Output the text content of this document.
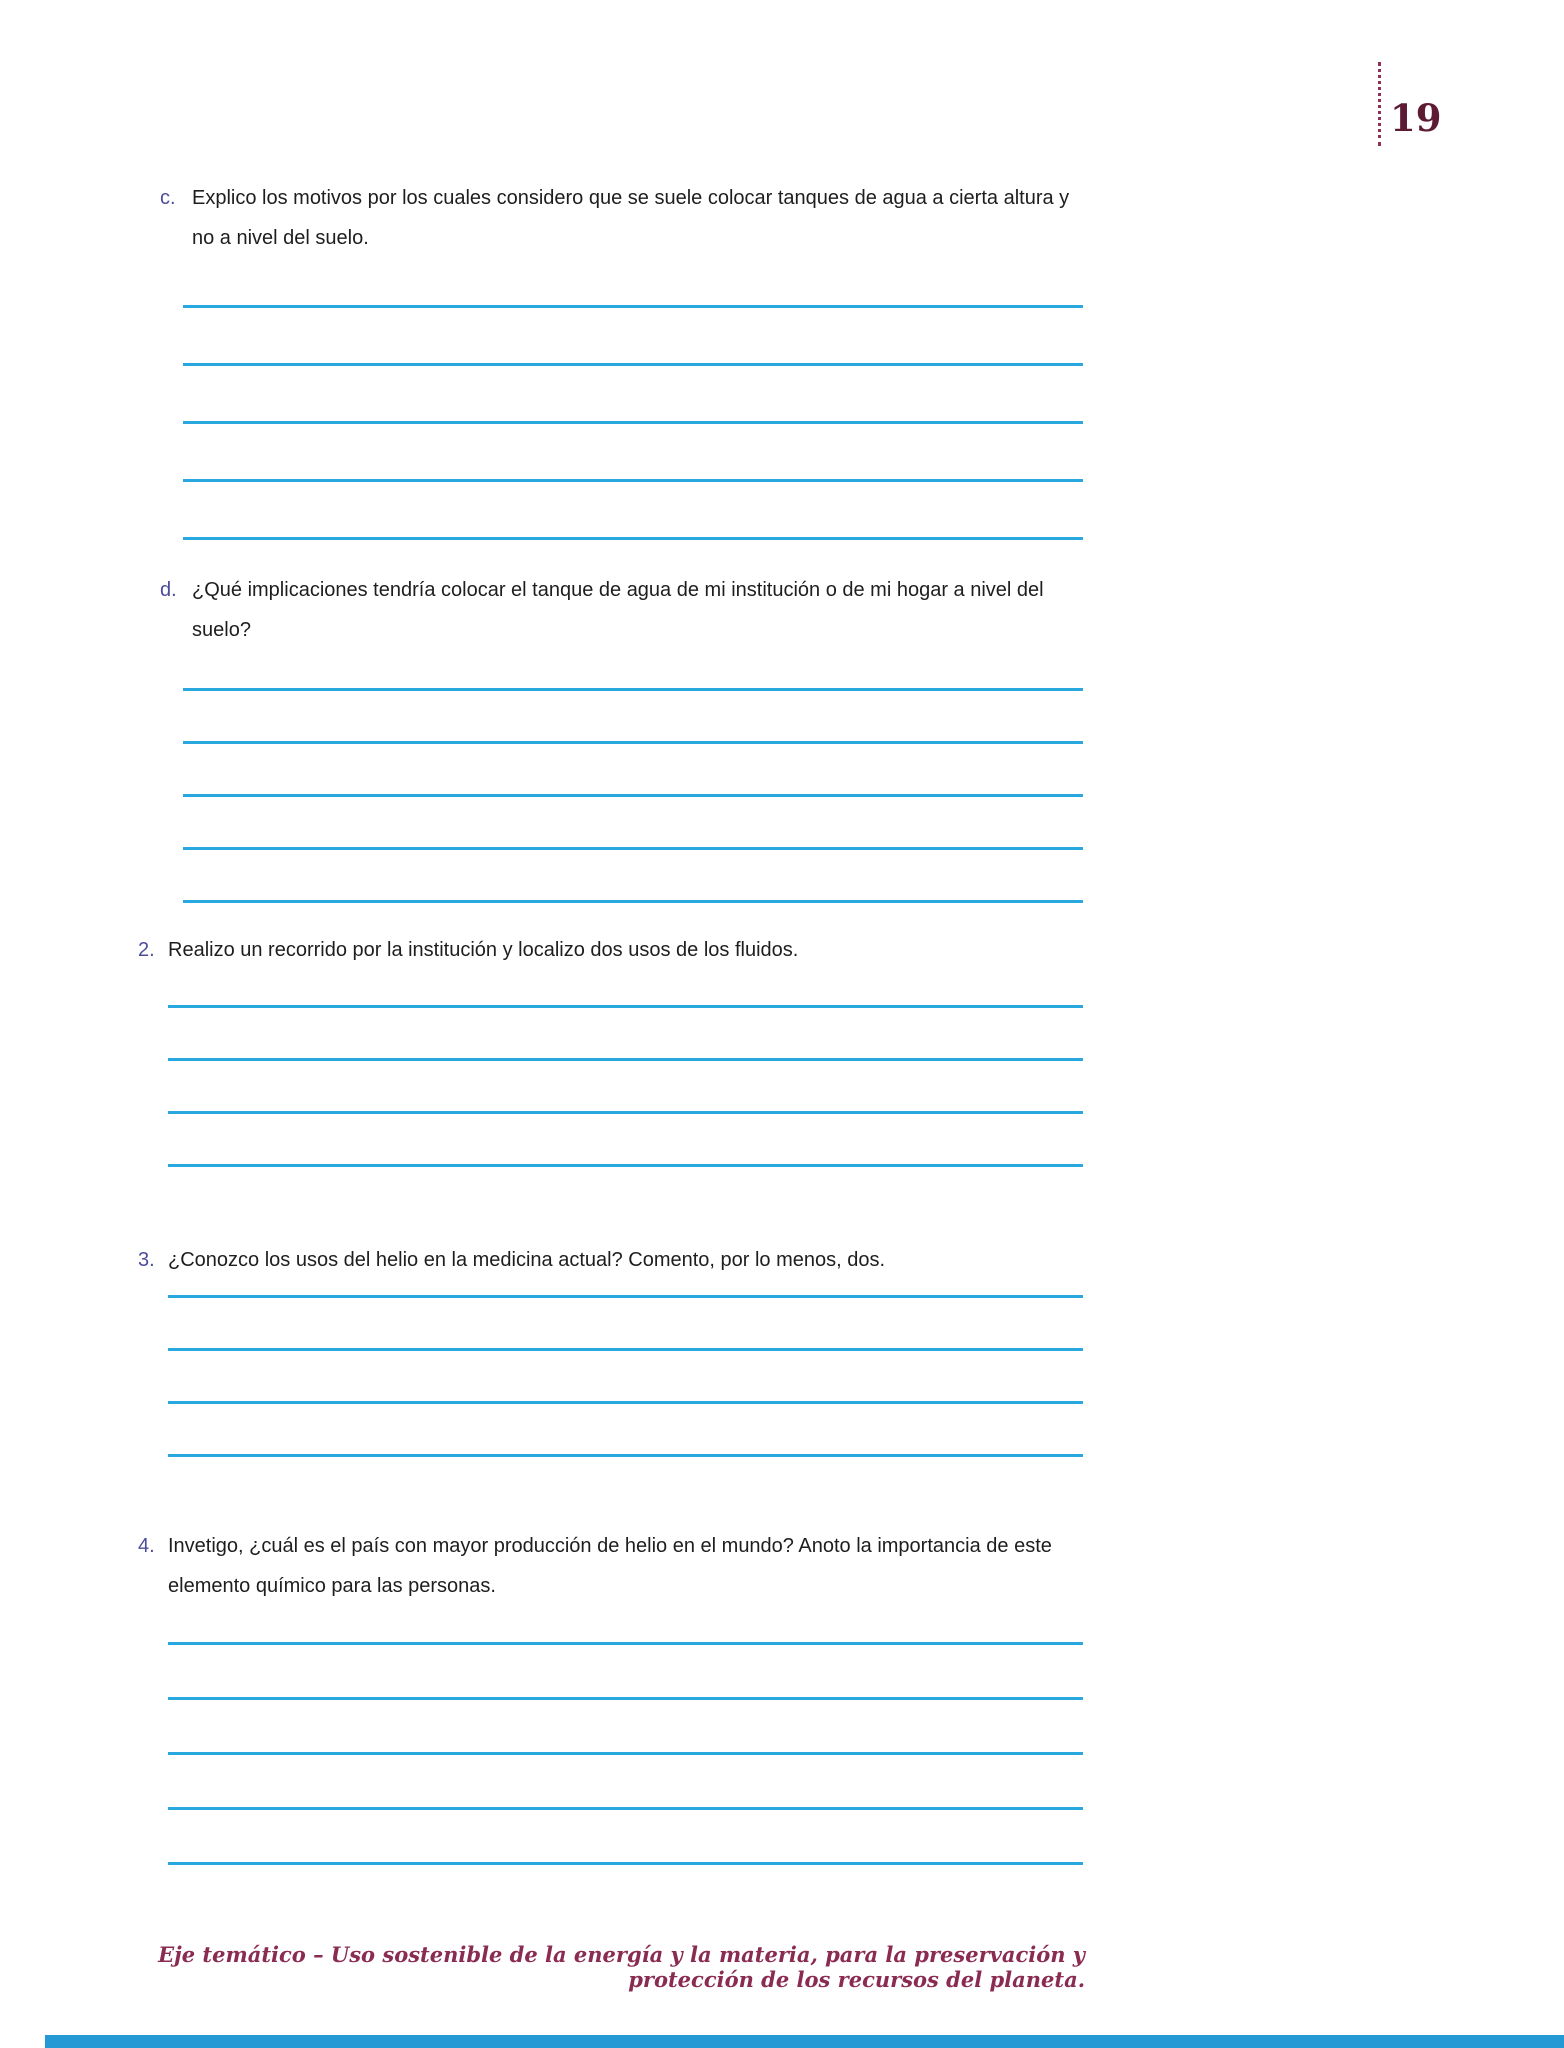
19
c. Explico los motivos por los cuales considero que se suele colocar tanques de agua a cierta altura y no a nivel del suelo.
d. ¿Qué implicaciones tendría colocar el tanque de agua de mi institución o de mi hogar a nivel del suelo?
2. Realizo un recorrido por la institución y localizo dos usos de los fluidos.
3. ¿Conozco los usos del helio en la medicina actual? Comento, por lo menos, dos.
4. Invetigo, ¿cuál es el país con mayor producción de helio en el mundo? Anoto la importancia de este elemento químico para las personas.
Eje temático – Uso sostenible de la energía y la materia, para la preservación y protección de los recursos del planeta.
